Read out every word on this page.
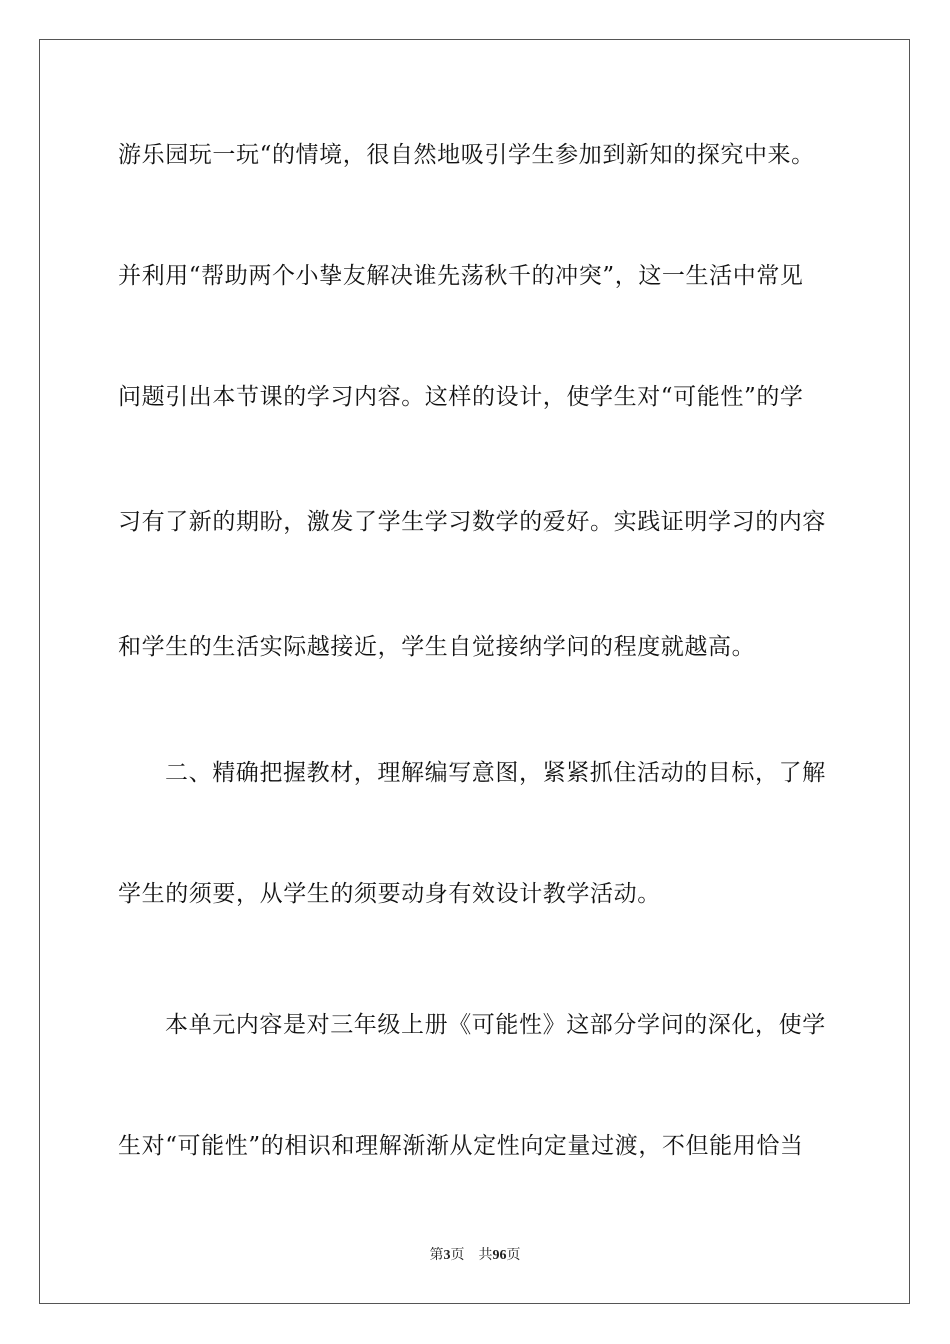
游乐园玩一玩“的情境，很自然地吸引学生参加到新知的探究中来。
并利用“帮助两个小挚友解决谁先荡秋千的冲突”，这一生活中常见
问题引出本节课的学习内容。这样的设计，使学生对“可能性”的学
习有了新的期盼，激发了学生学习数学的爱好。实践证明学习的内容
和学生的生活实际越接近，学生自觉接纳学问的程度就越高。
二、精确把握教材，理解编写意图，紧紧抓住活动的目标，了解
学生的须要，从学生的须要动身有效设计教学活动。
本单元内容是对三年级上册《可能性》这部分学问的深化，使学
生对“可能性”的相识和理解渐渐从定性向定量过渡，不但能用恰当
第3页 共96页
